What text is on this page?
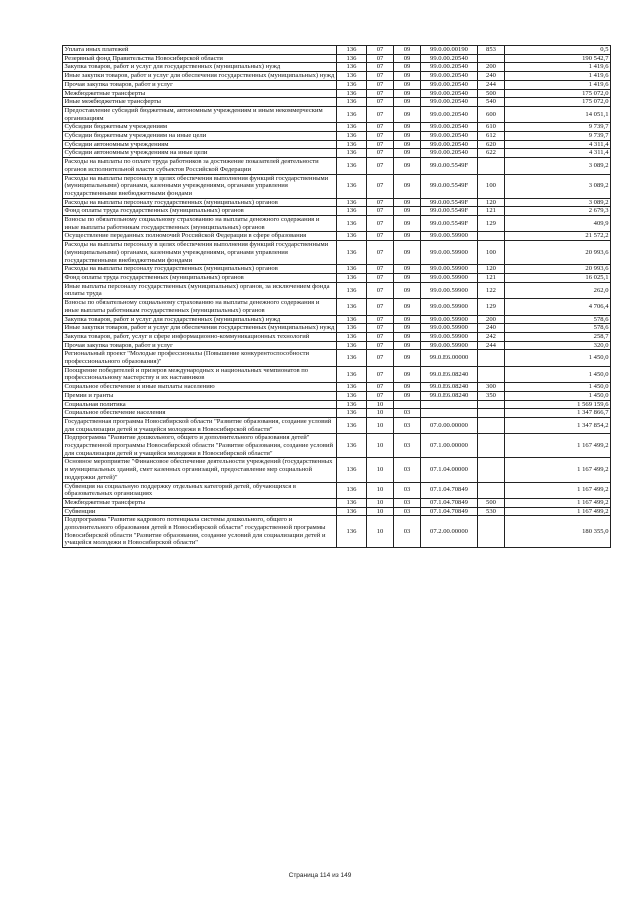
Уплата иных платежей	136	07	09	99.0.00.00190	853	0,5
Резервный фонд Правительства Новосибирской области	136	07	09	99.0.00.20540		190 542,7
Закупка товаров, работ и услуг для государственных (муниципальных) нужд	136	07	09	99.0.00.20540	200	1 419,6
Иные закупки товаров, работ и услуг для обеспечения государственных (муниципальных) нужд	136	07	09	99.0.00.20540	240	1 419,6
Прочая закупка товаров, работ и услуг	136	07	09	99.0.00.20540	244	1 419,6
Межбюджетные трансферты	136	07	09	99.0.00.20540	500	175 072,0
Иные межбюджетные трансферты	136	07	09	99.0.00.20540	540	175 072,0
Предоставление субсидий бюджетным, автономным учреждениям и иным некоммерческим организациям	136	07	09	99.0.00.20540	600	14 051,1
Субсидии бюджетным учреждениям	136	07	09	99.0.00.20540	610	9 739,7
Субсидии бюджетным учреждениям на иные цели	136	07	09	99.0.00.20540	612	9 739,7
Субсидии автономным учреждениям	136	07	09	99.0.00.20540	620	4 311,4
Субсидии автономным учреждениям на иные цели	136	07	09	99.0.00.20540	622	4 311,4
Расходы на выплаты по оплате труда работников за достижение показателей деятельности органов исполнительной власти субъектов Российской Федерации	136	07	09	99.0.00.5549F		3 089,2
Расходы на выплаты персоналу в целях обеспечения выполнения функций государственными (муниципальными) органами, казенными учреждениями, органами управления государственными внебюджетными фондами	136	07	09	99.0.00.5549F	100	3 089,2
Расходы на выплаты персоналу государственных (муниципальных) органов	136	07	09	99.0.00.5549F	120	3 089,2
Фонд оплаты труда государственных (муниципальных) органов	136	07	09	99.0.00.5549F	121	2 679,3
Взносы по обязательному социальному страхованию на выплаты денежного содержания и иные выплаты работникам государственных (муниципальных) органов	136	07	09	99.0.00.5549F	129	409,9
Осуществление переданных полномочий Российской Федерации в сфере образования	136	07	09	99.0.00.59900		21 572,2
Расходы на выплаты персоналу в целях обеспечения выполнения функций государственными (муниципальными) органами, казенными учреждениями, органами управления государственными внебюджетными фондами	136	07	09	99.0.00.59900	100	20 993,6
Расходы на выплаты персоналу государственных (муниципальных) органов	136	07	09	99.0.00.59900	120	20 993,6
Фонд оплаты труда государственных (муниципальных) органов	136	07	09	99.0.00.59900	121	16 025,1
Иные выплаты персоналу государственных (муниципальных) органов, за исключением фонда оплаты труда	136	07	09	99.0.00.59900	122	262,0
Взносы по обязательному социальному страхованию на выплаты денежного содержания и иные выплаты работникам государственных (муниципальных) органов	136	07	09	99.0.00.59900	129	4 706,4
Закупка товаров, работ и услуг для государственных (муниципальных) нужд	136	07	09	99.0.00.59900	200	578,6
Иные закупки товаров, работ и услуг для обеспечения государственных (муниципальных) нужд	136	07	09	99.0.00.59900	240	578,6
Закупка товаров, работ, услуг в сфере информационно-коммуникационных технологий	136	07	09	99.0.00.59900	242	258,7
Прочая закупка товаров, работ и услуг	136	07	09	99.0.00.59900	244	320,0
Региональный проект "Молодые профессионалы (Повышение конкурентоспособности профессионального образования)"	136	07	09	99.0.E6.00000		1 450,0
Поощрение победителей и призеров международных и национальных чемпионатов по профессиональному мастерству и их наставников	136	07	09	99.0.E6.08240		1 450,0
Социальное обеспечение и иные выплаты населению	136	07	09	99.0.E6.08240	300	1 450,0
Премии и гранты	136	07	09	99.0.E6.08240	350	1 450,0
Социальная политика	136	10				1 569 159,6
Социальное обеспечение населения	136	10	03			1 347 866,7
Государственная программа Новосибирской области "Развитие образования, создание условий для социализации детей и учащейся молодежи в Новосибирской области"	136	10	03	07.0.00.00000		1 347 854,2
Подпрограмма "Развитие дошкольного, общего и дополнительного образования детей" государственной программы Новосибирской области "Развитие образования, создание условий для социализации детей и учащейся молодежи в Новосибирской области"	136	10	03	07.1.00.00000		1 167 499,2
Основное мероприятие "Финансовое обеспечение деятельности учреждений (государственных и муниципальных зданий, смет казенных организаций, предоставление мер социальной поддержки детей)"	136	10	03	07.1.04.00000		1 167 499,2
Субвенция на социальную поддержку отдельных категорий детей, обучающихся в образовательных организациях	136	10	03	07.1.04.70849		1 167 499,2
Межбюджетные трансферты	136	10	03	07.1.04.70849	500	1 167 499,2
Субвенции	136	10	03	07.1.04.70849	530	1 167 499,2
Подпрограмма "Развитие кадрового потенциала системы дошкольного, общего и дополнительного образования детей в Новосибирской области" государственной программы Новосибирской области "Развитие образования, создание условий для социализации детей и учащейся молодежи в Новосибирской области"	136	10	03	07.2.00.00000		180 355,0
Страница 114 из 149
